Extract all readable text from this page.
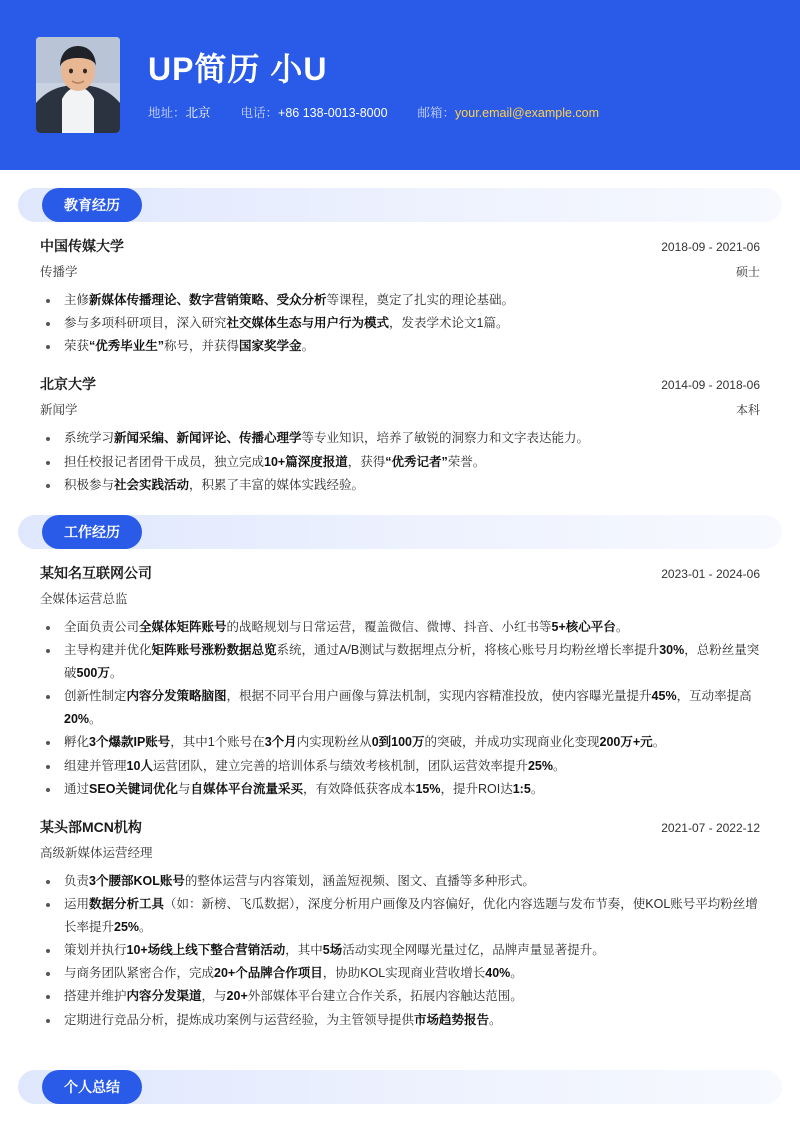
UP简历 小U
地址：北京 电话：+86 138-0013-8000 邮箱：your.email@example.com
教育经历
中国传媒大学	2018-09 - 2021-06
传播学	硕士
• 主修新媒体传播理论、数字营销策略、受众分析等课程，奠定了扎实的理论基础。
• 参与多项科研项目，深入研究社交媒体生态与用户行为模式，发表学术论文1篇。
• 荣获“优秀毕业生”称号，并获得国家奖学金。
北京大学	2014-09 - 2018-06
新闻学	本科
• 系统学习新闻采编、新闻评论、传播心理学等专业知识，培养了敏锐的洞察力和文字表达能力。
• 担任校报记者团骨干成员，独立完成10+篇深度报道，获得“优秀记者”荣誉。
• 积极参与社会实践活动，积累了丰富的媒体实践经验。
工作经历
某知名互联网公司	2023-01 - 2024-06
全媒体运营总监
• 全面负责公司全媒体矩阵账号的战略规划与日常运营，覆盖微信、微博、抖音、小红书等5+核心平台。
• 主导构建并优化矩阵账号涨粉数据总览系统，通过A/B测试与数据埋点分析，将核心账号月均粉丝增长率提升30%，总粉丝量突破500万。
• 创新性制定内容分发策略脑图，根据不同平台用户画像与算法机制，实现内容精准投放，使内容曝光量提升45%，互动率提高20%。
• 孵化3个爆款IP账号，其中1个账号在3个月内实现粉丝从0到100万的突破，并成功实现商业化变现200万+元。
• 组建并管理10人运营团队，建立完善的培训体系与绩效考核机制，团队运营效率提升25%。
• 通过SEO关键词优化与自媒体平台流量采买，有效降低获客成本15%，提升ROI达1:5。
某头部MCN机构	2021-07 - 2022-12
高级新媒体运营经理
• 负责3个腰部KOL账号的整体运营与内容策划，涵盖短视频、图文、直播等多种形式。
• 运用数据分析工具（如：新榜、飞瓜数据），深度分析用户画像及内容偏好，优化内容选题与发布节奏，使KOL账号平均粉丝增长率提升25%。
• 策划并执行10+场线上线下整合营销活动，其中5场活动实现全网曝光量过亿，品牌声量显著提升。
• 与商务团队紧密合作，完成20+个品牌合作项目，协助KOL实现商业营收增长40%。
• 搭建并维护内容分发渠道，与20+外部媒体平台建立合作关系，拓展内容触达范围。
• 定期进行竞品分析，提炼成功案例与运营经验，为主管领导提供市场趋势报告。
个人总结
